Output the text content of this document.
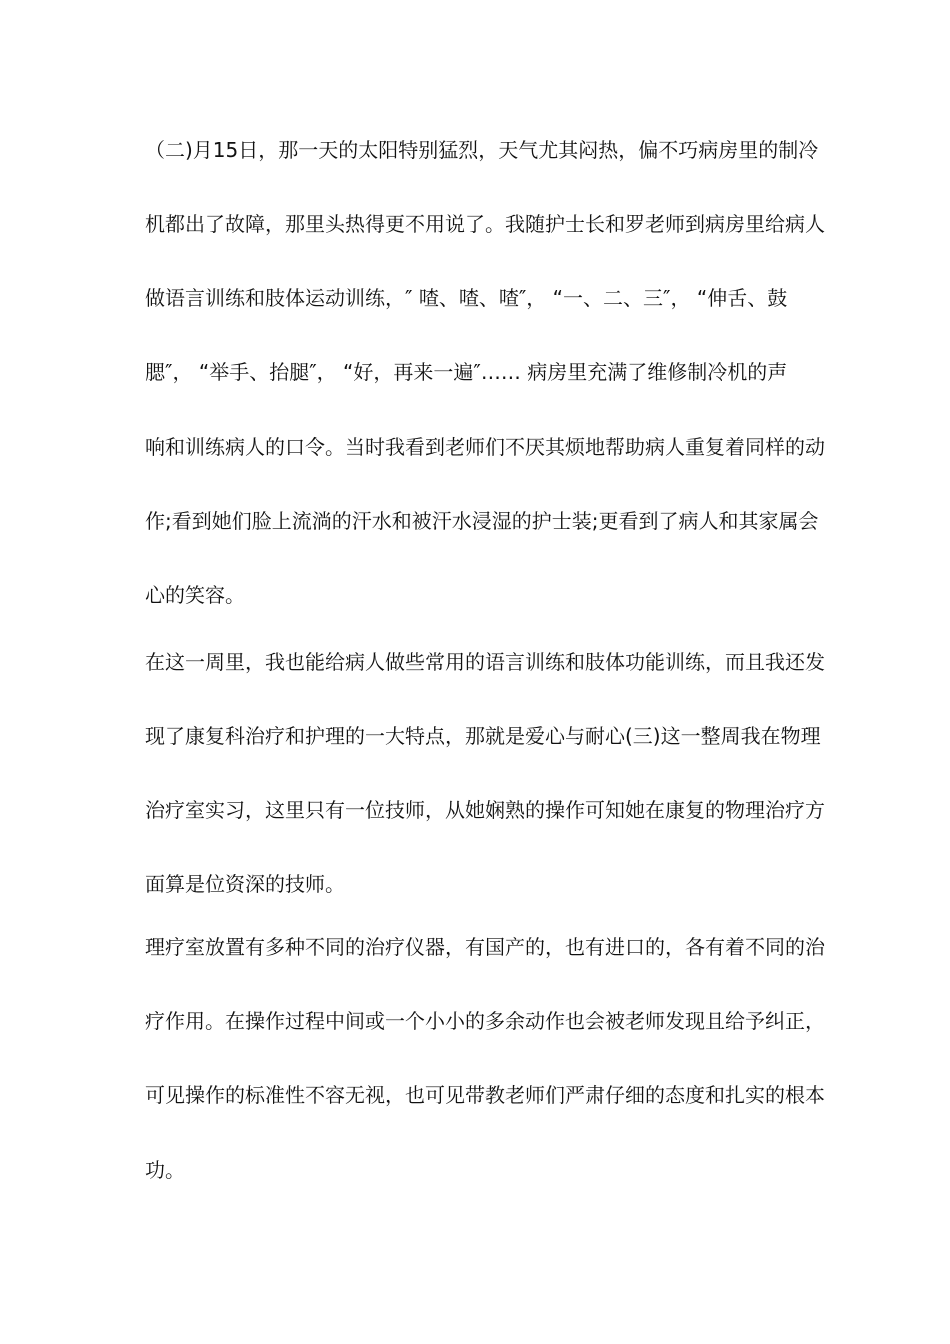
（二)月15日，那一天的太阳特别猛烈，天气尤其闷热，偏不巧病房里的制冷
机都出了故障，那里头热得更不用说了。我随护士长和罗老师到病房里给病人
做语言训练和肢体运动训练，″ 喳、喳、喳″， “一、二、三″， “伸舌、鼓
腮″， “举手、抬腿″， “好，再来一遍″…… 病房里充满了维修制冷机的声
响和训练病人的口令。当时我看到老师们不厌其烦地帮助病人重复着同样的动
作;看到她们脸上流淌的汗水和被汗水浸湿的护士装;更看到了病人和其家属会
心的笑容。
在这一周里，我也能给病人做些常用的语言训练和肢体功能训练，而且我还发
现了康复科治疗和护理的一大特点，那就是爱心与耐心(三)这一整周我在物理
治疗室实习，这里只有一位技师，从她娴熟的操作可知她在康复的物理治疗方
面算是位资深的技师。
理疗室放置有多种不同的治疗仪器，有国产的，也有进口的，各有着不同的治
疗作用。在操作过程中间或一个小小的多余动作也会被老师发现且给予纠正，
可见操作的标准性不容无视，也可见带教老师们严肃仔细的态度和扎实的根本
功。
